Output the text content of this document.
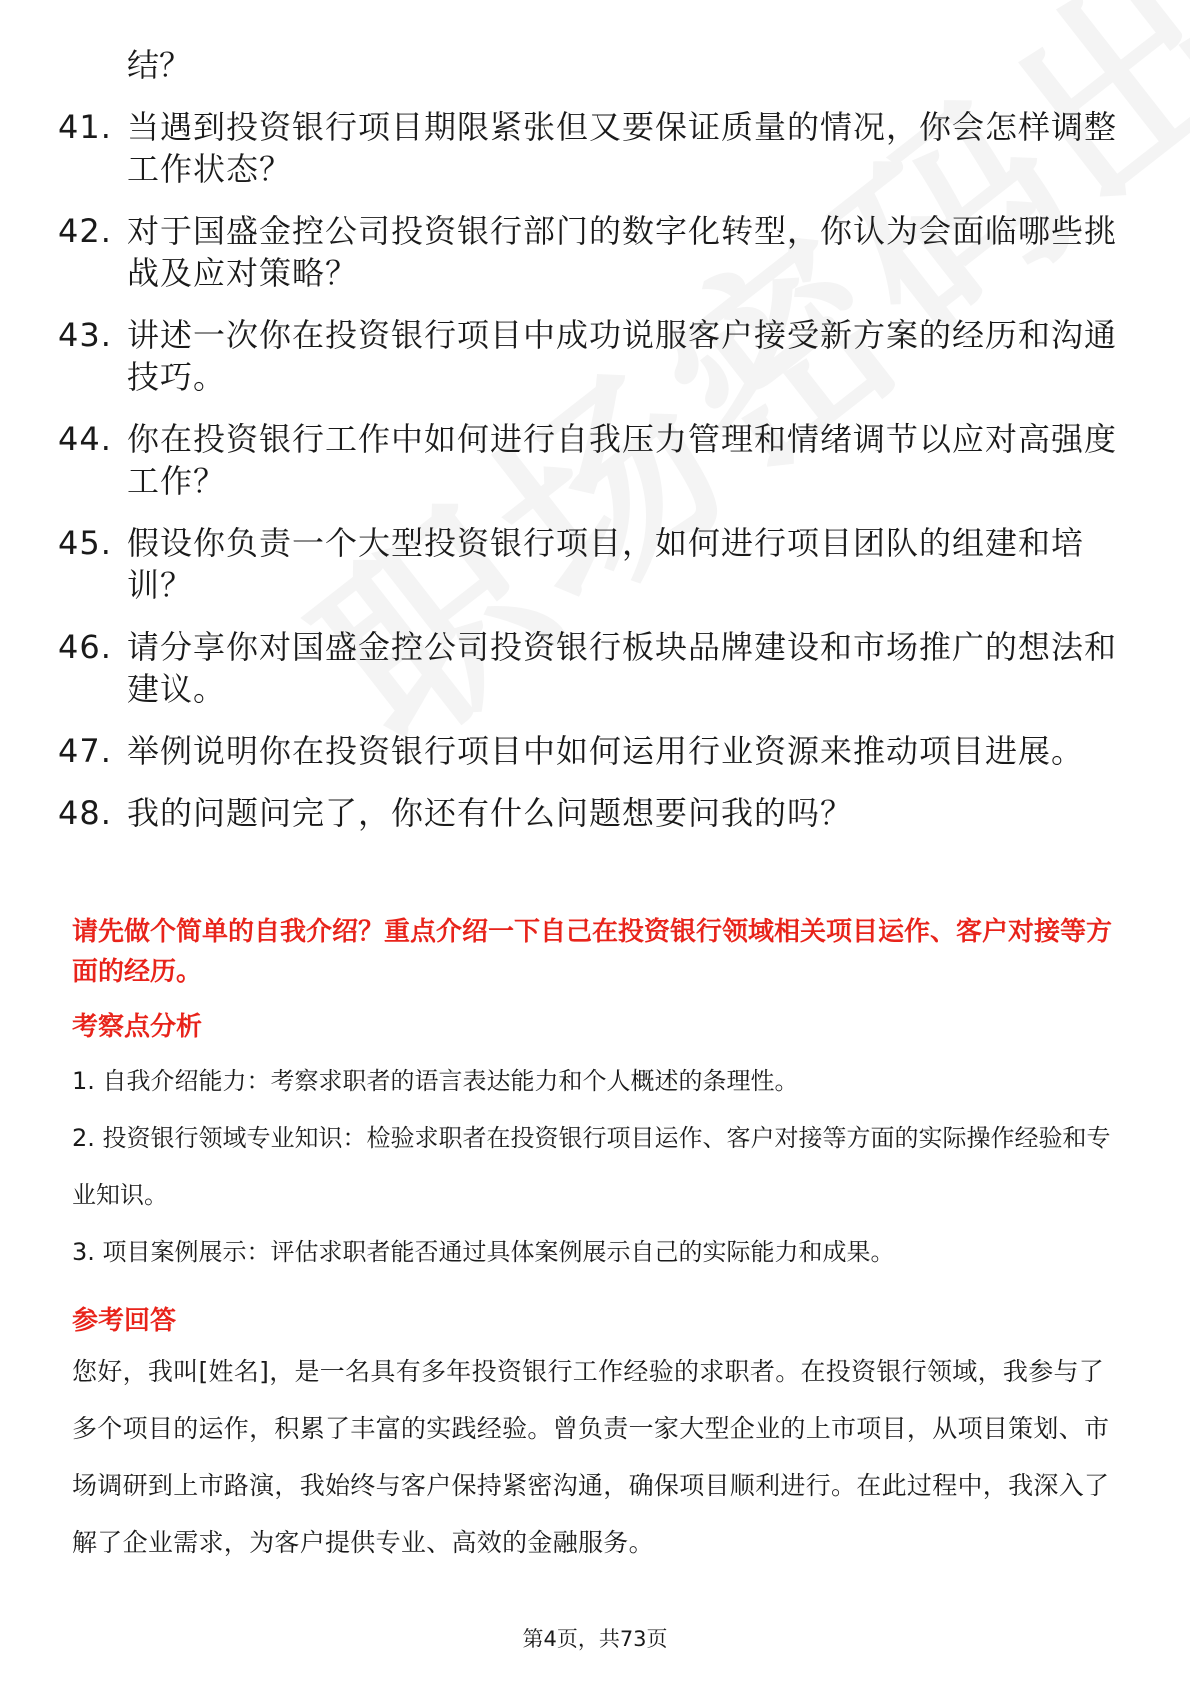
结？
41. 当遇到投资银行项目期限紧张但又要保证质量的情况，你会怎样调整工作状态？
42. 对于国盛金控公司投资银行部门的数字化转型，你认为会面临哪些挑战及应对策略？
43. 讲述一次你在投资银行项目中成功说服客户接受新方案的经历和沟通技巧。
44. 你在投资银行工作中如何进行自我压力管理和情绪调节以应对高强度工作？
45. 假设你负责一个大型投资银行项目，如何进行项目团队的组建和培训？
46. 请分享你对国盛金控公司投资银行板块品牌建设和市场推广的想法和建议。
47. 举例说明你在投资银行项目中如何运用行业资源来推动项目进展。
48. 我的问题问完了，你还有什么问题想要问我的吗？
请先做个简单的自我介绍？重点介绍一下自己在投资银行领域相关项目运作、客户对接等方面的经历。
考察点分析
1. 自我介绍能力：考察求职者的语言表达能力和个人概述的条理性。
2. 投资银行领域专业知识：检验求职者在投资银行项目运作、客户对接等方面的实际操作经验和专业知识。
3. 项目案例展示：评估求职者能否通过具体案例展示自己的实际能力和成果。
参考回答
您好，我叫[姓名]，是一名具有多年投资银行工作经验的求职者。在投资银行领域，我参与了多个项目的运作，积累了丰富的实践经验。曾负责一家大型企业的上市项目，从项目策划、市场调研到上市路演，我始终与客户保持紧密沟通，确保项目顺利进行。在此过程中，我深入了解了企业需求，为客户提供专业、高效的金融服务。
第4页，共73页
